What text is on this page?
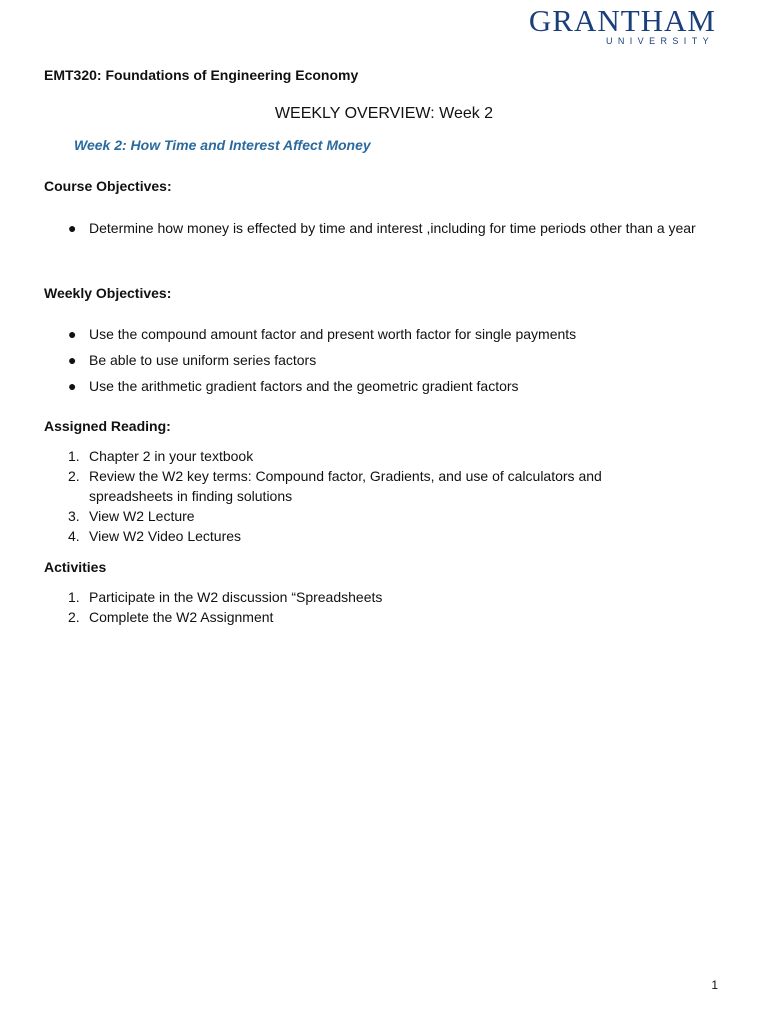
GRANTHAM
UNIVERSITY
EMT320: Foundations of Engineering Economy
WEEKLY OVERVIEW: Week 2
Week 2: How Time and Interest Affect Money
Course Objectives:
● Determine how money is effected by time and interest ,including for time periods other than a year
Weekly Objectives:
● Use the compound amount factor and present worth factor for single payments
● Be able to use uniform series factors
● Use the arithmetic gradient factors and the geometric gradient factors
Assigned Reading:
1. Chapter 2 in your textbook
2. Review the W2 key terms: Compound factor, Gradients, and use of calculators and spreadsheets in finding solutions
3. View W2 Lecture
4. View W2 Video Lectures
Activities
1. Participate in the W2 discussion “Spreadsheets
2. Complete the W2 Assignment
1
